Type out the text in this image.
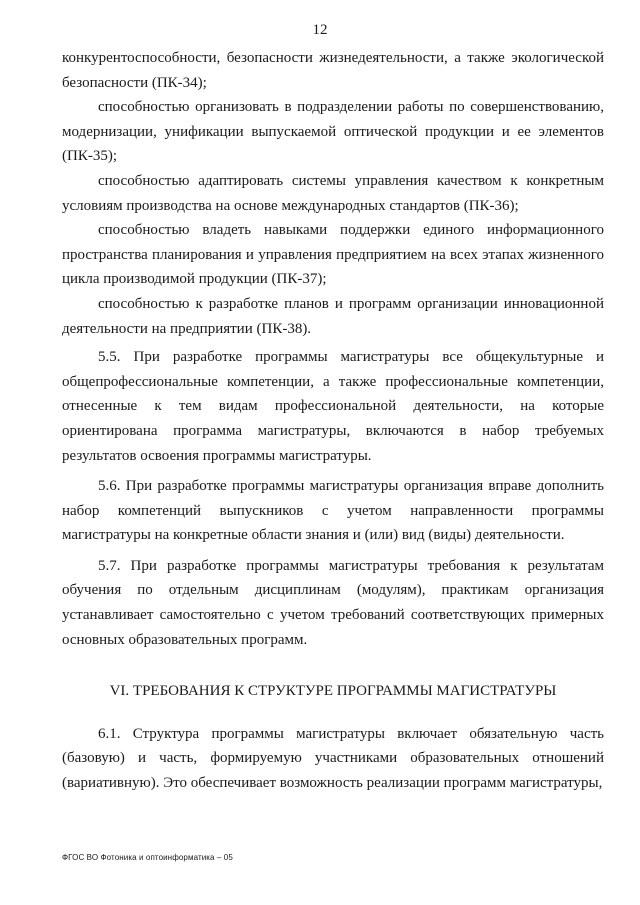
12

конкурентоспособности, безопасности жизнедеятельности, а также экологической безопасности (ПК-34);

способностью организовать в подразделении работы по совершенствованию, модернизации, унификации выпускаемой оптической продукции и ее элементов (ПК-35);

способностью адаптировать системы управления качеством к конкретным условиям производства на основе международных стандартов (ПК-36);

способностью владеть навыками поддержки единого информационного пространства планирования и управления предприятием на всех этапах жизненного цикла производимой продукции (ПК-37);

способностью к разработке планов и программ организации инновационной деятельности на предприятии (ПК-38).

5.5. При разработке программы магистратуры все общекультурные и общепрофессиональные компетенции, а также профессиональные компетенции, отнесенные к тем видам профессиональной деятельности, на которые ориентирована программа магистратуры, включаются в набор требуемых результатов освоения программы магистратуры.

5.6. При разработке программы магистратуры организация вправе дополнить набор компетенций выпускников с учетом направленности программы магистратуры на конкретные области знания и (или) вид (виды) деятельности.

5.7. При разработке программы магистратуры требования к результатам обучения по отдельным дисциплинам (модулям), практикам организация устанавливает самостоятельно с учетом требований соответствующих примерных основных образовательных программ.

VI. ТРЕБОВАНИЯ К СТРУКТУРЕ ПРОГРАММЫ МАГИСТРАТУРЫ

6.1. Структура программы магистратуры включает обязательную часть (базовую) и часть, формируемую участниками образовательных отношений (вариативную). Это обеспечивает возможность реализации программ магистратуры,

ФГОС ВО Фотоника и оптоинформатика – 05
